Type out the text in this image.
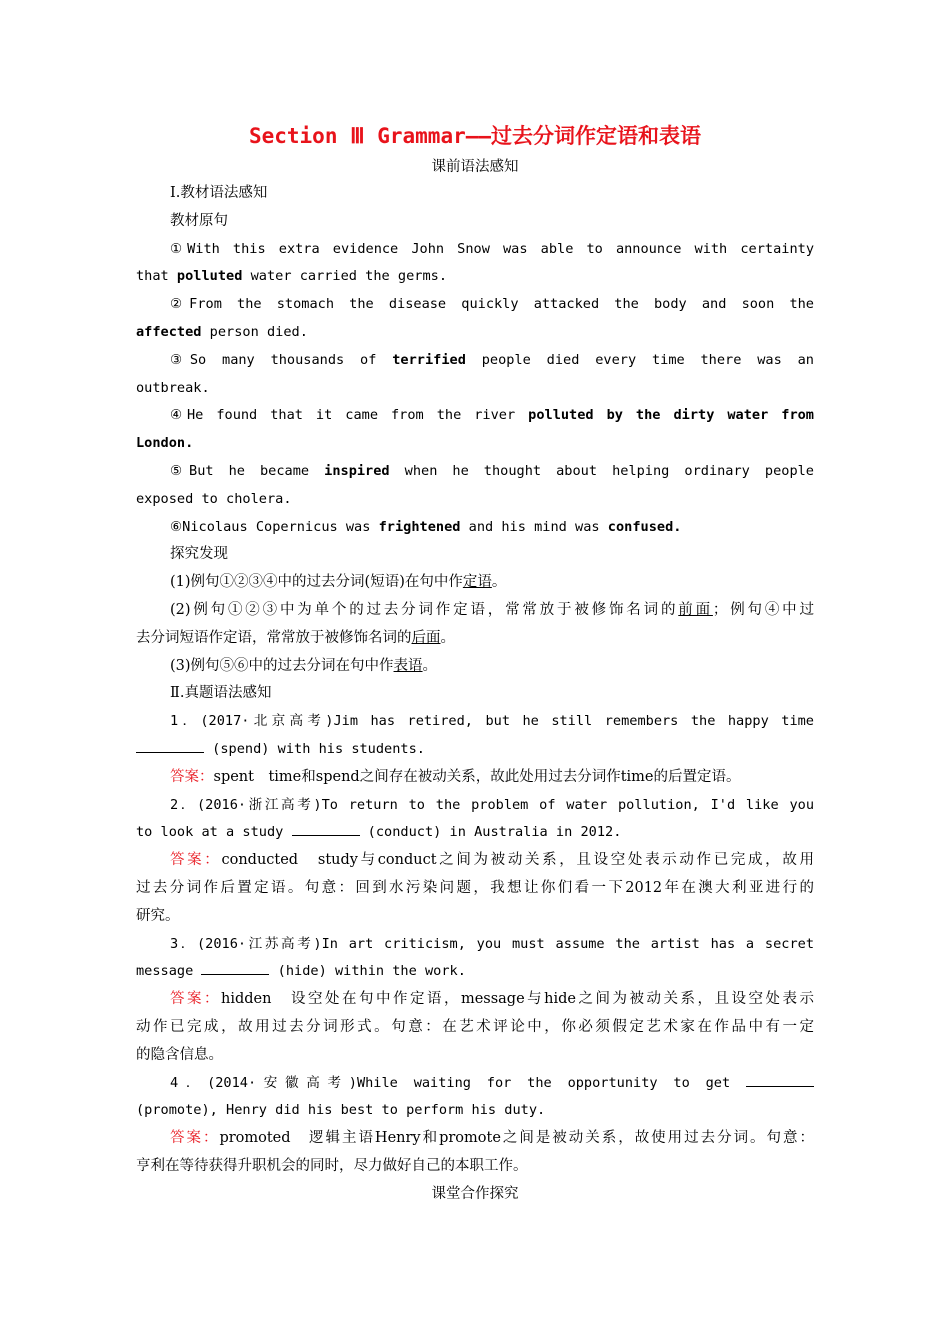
Section Ⅲ Grammar——过去分词作定语和表语
课前语法感知
Ⅰ.教材语法感知
教材原句
①With this extra evidence John Snow was able to announce with certainty
that polluted water carried the germs.
②From the stomach the disease quickly attacked the body and soon the
affected person died.
③So many thousands of terrified people died every time there was an
outbreak.
④He found that it came from the river polluted by the dirty water from
London.
⑤But he became inspired when he thought about helping ordinary people
exposed to cholera.
⑥Nicolaus Copernicus was frightened and his mind was confused.
探究发现
(1)例句①②③④中的过去分词(短语)在句中作定语。
(2)例句①②③中为单个的过去分词作定语，常常放于被修饰名词的前面；例句④中过
去分词短语作定语，常常放于被修饰名词的后面。
(3)例句⑤⑥中的过去分词在句中作表语。
Ⅱ.真题语法感知
1．(2017·北京高考)Jim has retired, but he still remembers the happy time
(spend) with his students.
答案：spent　time和spend之间存在被动关系，故此处用过去分词作time的后置定语。
2．(2016·浙江高考)To return to the problem of water pollution, I'd like you
to look at a study	(conduct) in Australia in 2012.
答案：conducted　study与conduct之间为被动关系，且设空处表示动作已完成，故用
过去分词作后置定语。句意：回到水污染问题，我想让你们看一下2012年在澳大利亚进行的
研究。
3．(2016·江苏高考)In art criticism, you must assume the artist has a secret
message	(hide) within the work.
答案：hidden　设空处在句中作定语，message与hide之间为被动关系，且设空处表示
动作已完成，故用过去分词形式。句意：在艺术评论中，你必须假定艺术家在作品中有一定
的隐含信息。
4．(2014·安徽高考)While waiting for the opportunity to get
(promote), Henry did his best to perform his duty.
答案：promoted　逻辑主语Henry和promote之间是被动关系，故使用过去分词。句意：
亨利在等待获得升职机会的同时，尽力做好自己的本职工作。
课堂合作探究
